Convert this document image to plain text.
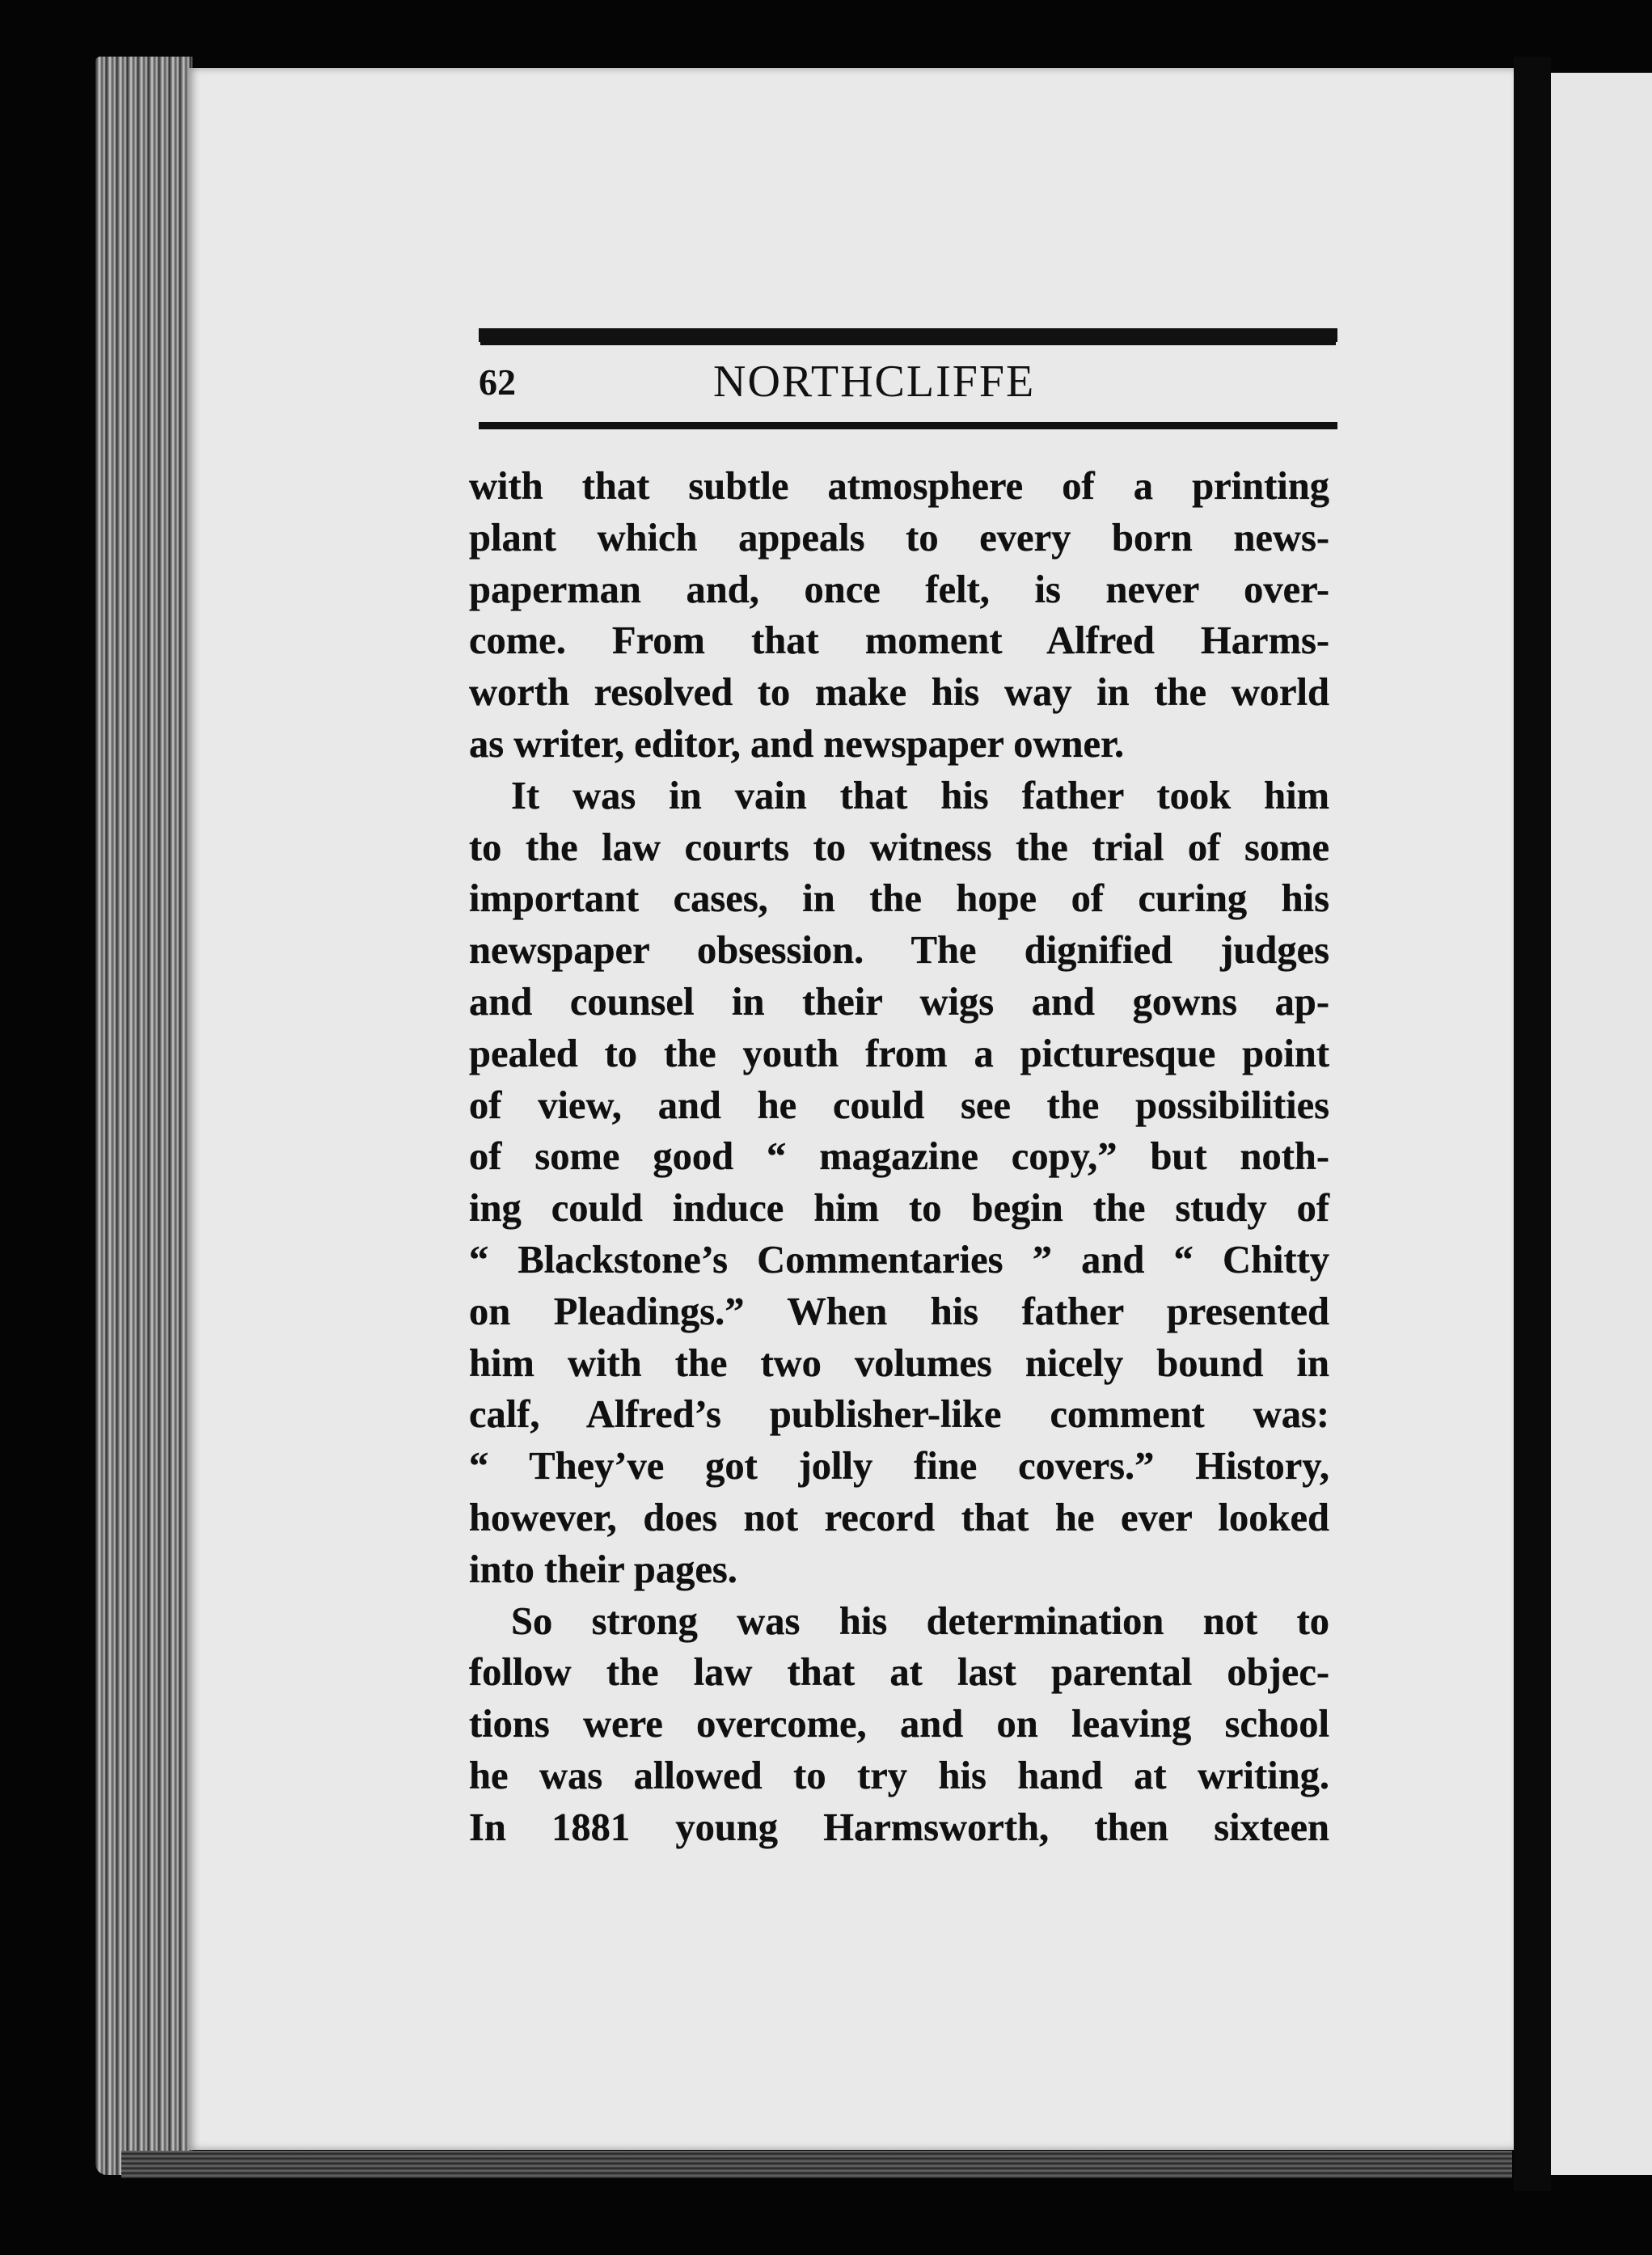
62	NORTHCLIFFE
with that subtle atmosphere of a printing
plant which appeals to every born news-
paperman and, once felt, is never over-
come. From that moment Alfred Harms-
worth resolved to make his way in the world
as writer, editor, and newspaper owner.
It was in vain that his father took him
to the law courts to witness the trial of some
important cases, in the hope of curing his
newspaper obsession. The dignified judges
and counsel in their wigs and gowns ap-
pealed to the youth from a picturesque point
of view, and he could see the possibilities
of some good “ magazine copy,” but noth-
ing could induce him to begin the study of
“ Blackstone’s Commentaries ” and “ Chitty
on Pleadings.” When his father presented
him with the two volumes nicely bound in
calf, Alfred’s publisher-like comment was:
“ They’ve got jolly fine covers.” History,
however, does not record that he ever looked
into their pages.
So strong was his determination not to
follow the law that at last parental objec-
tions were overcome, and on leaving school
he was allowed to try his hand at writing.
In 1881 young Harmsworth, then sixteen
